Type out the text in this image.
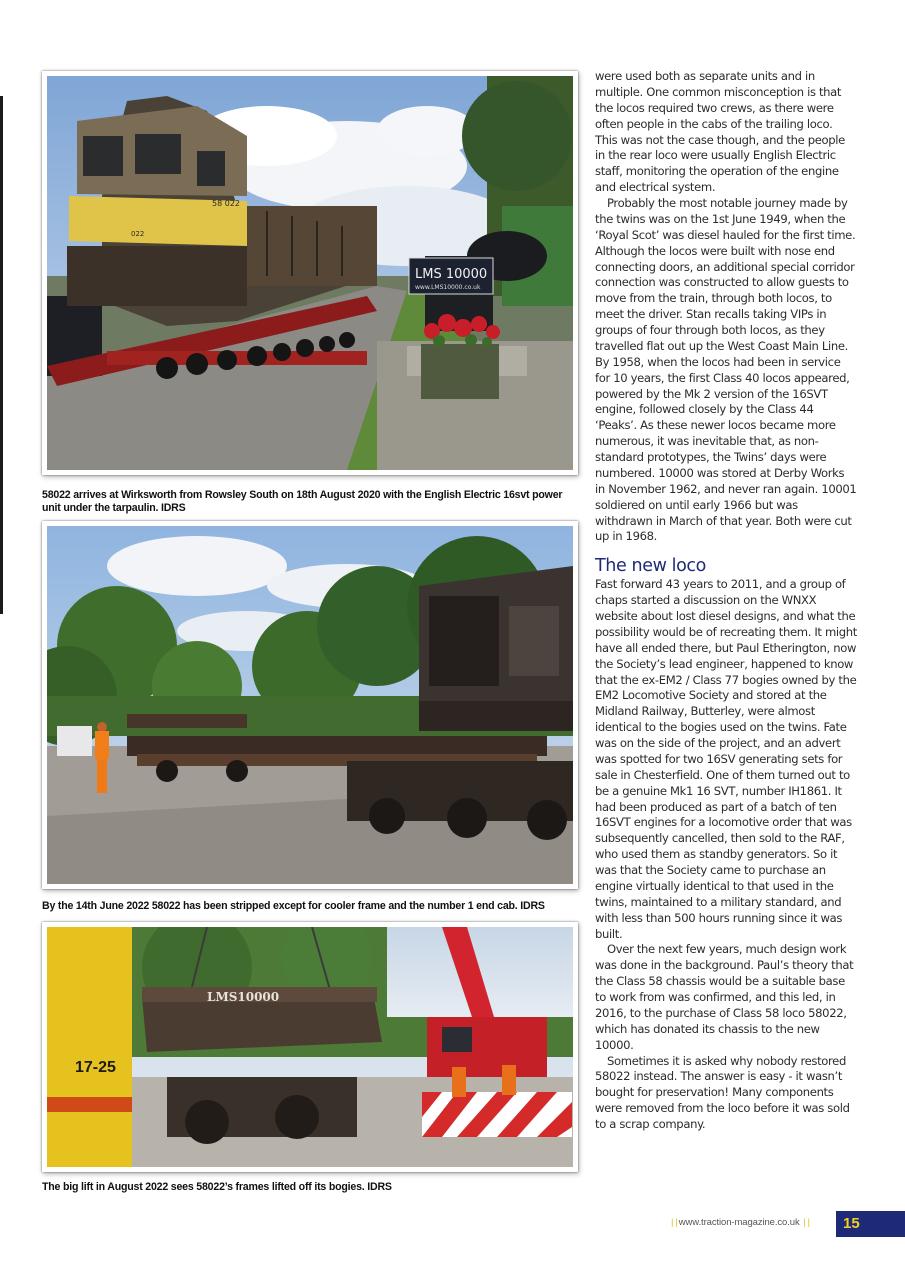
58 022
022
LMS 10000
www.LMS10000.co.uk
58022 arrives at Wirksworth from Rowsley South on 18th August 2020 with the English Electric 16svt power unit under the tarpaulin. IDRS
By the 14th June 2022 58022 has been stripped except for cooler frame and the number 1 end cab. IDRS
17-25
LMS10000
The big lift in August 2022 sees 58022’s frames lifted off its bogies. IDRS

were used both as separate units and in multiple. One common misconception is that the locos required two crews, as there were often people in the cabs of the trailing loco. This was not the case though, and the people in the rear loco were usually English Electric staff, monitoring the operation of the engine and electrical system.

Probably the most notable journey made by the twins was on the 1st June 1949, when the ‘Royal Scot’ was diesel hauled for the first time. Although the locos were built with nose end connecting doors, an additional special corridor connection was constructed to allow guests to move from the train, through both locos, to meet the driver. Stan recalls taking VIPs in groups of four through both locos, as they travelled flat out up the West Coast Main Line.

By 1958, when the locos had been in service for 10 years, the first Class 40 locos appeared, powered by the Mk 2 version of the 16SVT engine, followed closely by the Class 44 ‘Peaks’. As these newer locos became more numerous, it was inevitable that, as non-standard prototypes, the Twins’ days were numbered. 10000 was stored at Derby Works in November 1962, and never ran again. 10001 soldiered on until early 1966 but was withdrawn in March of that year. Both were cut up in 1968.

The new loco

Fast forward 43 years to 2011, and a group of chaps started a discussion on the WNXX website about lost diesel designs, and what the possibility would be of recreating them. It might have all ended there, but Paul Etherington, now the Society’s lead engineer, happened to know that the ex-EM2 / Class 77 bogies owned by the EM2 Locomotive Society and stored at the Midland Railway, Butterley, were almost identical to the bogies used on the twins. Fate was on the side of the project, and an advert was spotted for two 16SV generating sets for sale in Chesterfield. One of them turned out to be a genuine Mk1 16 SVT, number IH1861. It had been produced as part of a batch of ten 16SVT engines for a locomotive order that was subsequently cancelled, then sold to the RAF, who used them as standby generators. So it was that the Society came to purchase an engine virtually identical to that used in the twins, maintained to a military standard, and with less than 500 hours running since it was built.

Over the next few years, much design work was done in the background. Paul’s theory that the Class 58 chassis would be a suitable base to work from was confirmed, and this led, in 2016, to the purchase of Class 58 loco 58022, which has donated its chassis to the new 10000.

Sometimes it is asked why nobody restored 58022 instead. The answer is easy - it wasn’t bought for preservation! Many components were removed from the loco before it was sold to a scrap company.

| |www.traction-magazine.co.uk | | 15
